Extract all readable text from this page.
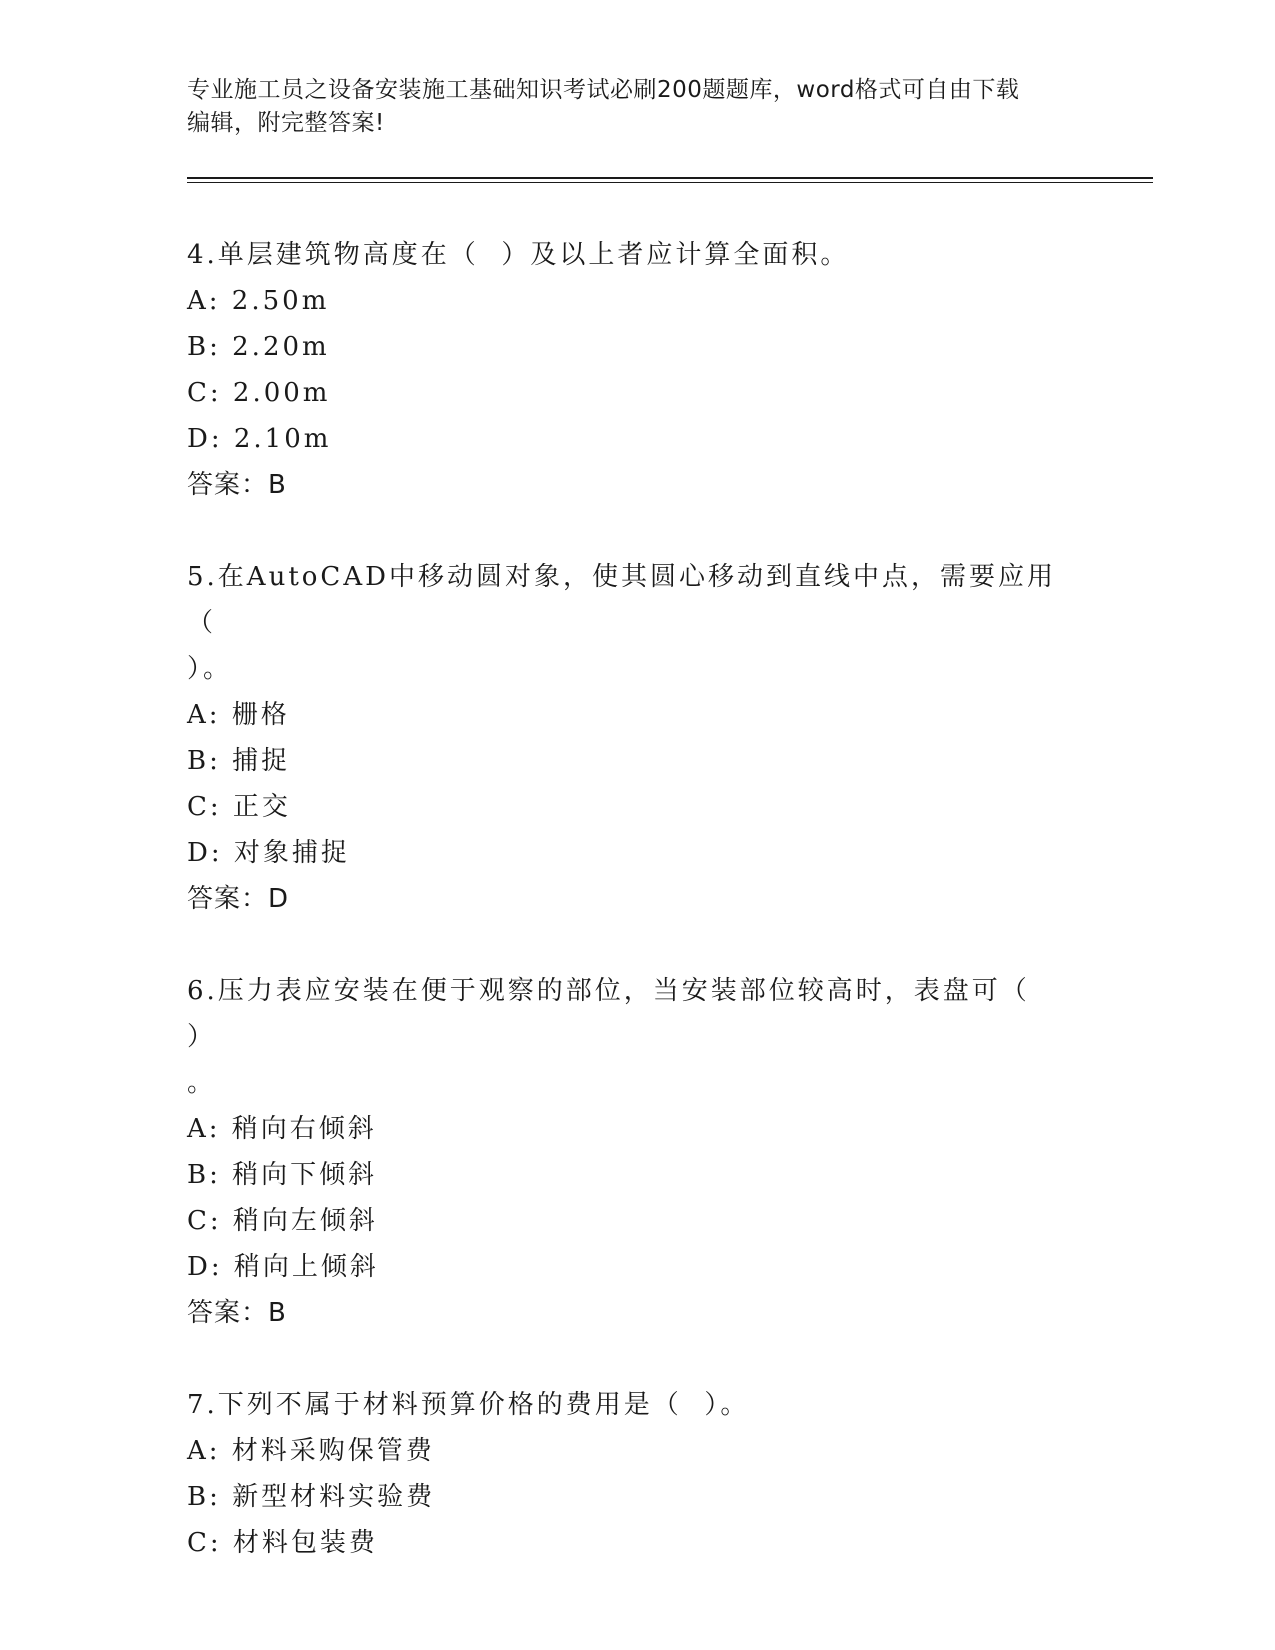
专业施工员之设备安装施工基础知识考试必刷200题题库，word格式可自由下载
编辑，附完整答案!
4.单层建筑物高度在（  ）及以上者应计算全面积。
A: 2.50m
B: 2.20m
C: 2.00m
D: 2.10m
答案：B
5.在AutoCAD中移动圆对象，使其圆心移动到直线中点，需要应用（
）。
A: 栅格
B: 捕捉
C: 正交
D: 对象捕捉
答案：D
6.压力表应安装在便于观察的部位，当安装部位较高时，表盘可（  ）
。
A: 稍向右倾斜
B: 稍向下倾斜
C: 稍向左倾斜
D: 稍向上倾斜
答案：B
7.下列不属于材料预算价格的费用是（  ）。
A: 材料采购保管费
B: 新型材料实验费
C: 材料包装费
